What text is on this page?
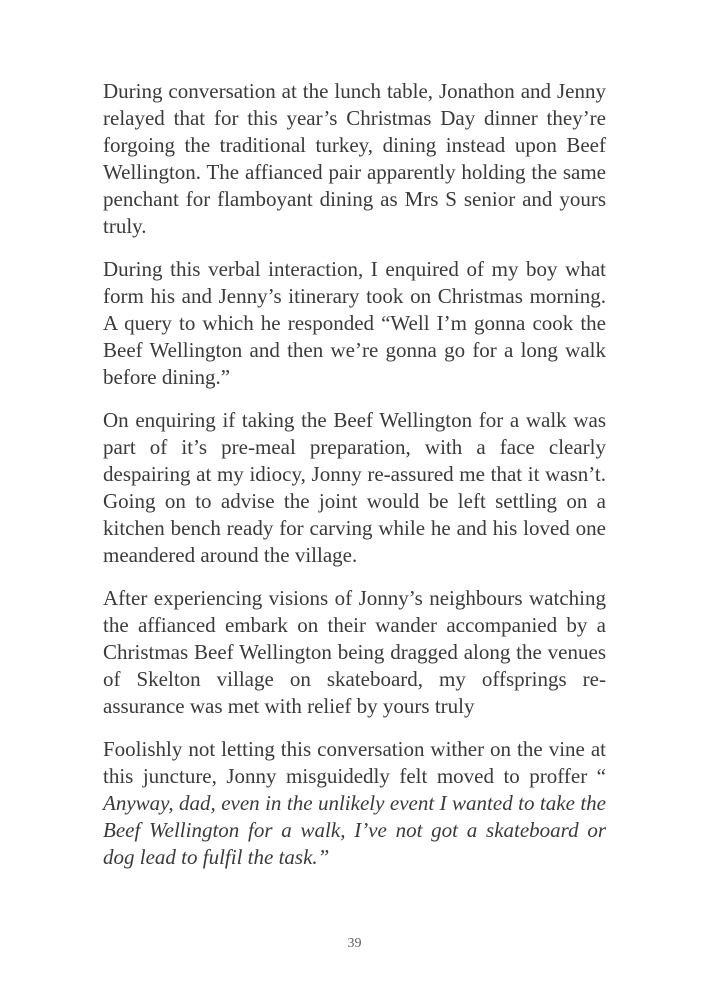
During conversation at the lunch table, Jonathon and Jenny relayed that for this year’s Christmas Day dinner they’re forgoing the traditional turkey, dining instead upon Beef Wellington. The affianced pair apparently holding the same penchant for flamboyant dining as Mrs S senior and yours truly.

During this verbal interaction, I enquired of my boy what form his and Jenny’s itinerary took on Christmas morning. A query to which he responded “Well I’m gonna cook the Beef Wellington and then we’re gonna go for a long walk before dining.”

On enquiring if taking the Beef Wellington for a walk was part of it’s pre-meal preparation, with a face clearly despairing at my idiocy, Jonny re-assured me that it wasn’t. Going on to advise the joint would be left settling on a kitchen bench ready for carving while he and his loved one meandered around the village.

After experiencing visions of Jonny’s neighbours watching the affianced embark on their wander accompanied by a Christmas Beef Wellington being dragged along the venues of Skelton village on skateboard, my offsprings re-assurance was met with relief by yours truly

Foolishly not letting this conversation wither on the vine at this juncture, Jonny misguidedly felt moved to proffer “ Anyway, dad, even in the unlikely event I wanted to take the Beef Wellington for a walk, I’ve not got a skateboard or dog lead to fulfil the task.”

39
